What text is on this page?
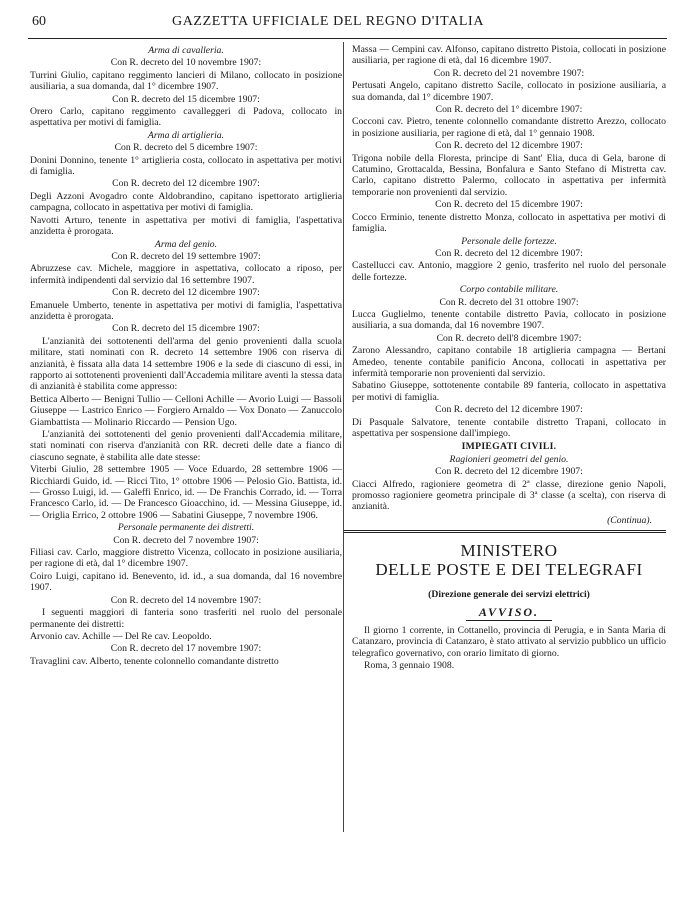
60	GAZZETTA UFFICIALE DEL REGNO D'ITALIA

Arma di cavalleria.

Con R. decreto del 10 novembre 1907:

Turrini Giulio, capitano reggimento lancieri di Milano, collocato in posizione ausiliaria, a sua domanda, dal 1° dicembre 1907.

Con R. decreto del 15 dicembre 1907:

Orero Carlo, capitano reggimento cavalleggeri di Padova, collocato in aspettativa per motivi di famiglia.

Arma di artiglieria.

Con R. decreto del 5 dicembre 1907:

Donini Donnino, tenente 1° artiglieria costa, collocato in aspettativa per motivi di famiglia.

Con R. decreto del 12 dicembre 1907:

Degli Azzoni Avogadro conte Aldobrandino, capitano ispettorato artiglieria campagna, collocato in aspettativa per motivi di famiglia.

Navotti Arturo, tenente in aspettativa per motivi di famiglia, l'aspettativa anzidetta è prorogata.

Arma del genio.

Con R. decreto del 19 settembre 1907:

Abruzzese cav. Michele, maggiore in aspettativa, collocato a riposo, per infermità indipendenti dal servizio dal 16 settembre 1907.

Con R. decreto del 12 dicembre 1907:

Emanuele Umberto, tenente in aspettativa per motivi di famiglia, l'aspettativa anzidetta è prorogata.

Con R. decreto del 15 dicembre 1907:

L'anzianità dei sottotenenti dell'arma del genio provenienti dalla scuola militare, stati nominati con R. decreto 14 settembre 1906 con riserva di anzianità, è fissata alla data 14 settembre 1906 e la sede di ciascuno di essi, in rapporto ai sottotenenti provenienti dall'Accademia militare aventi la stessa data di anzianità è stabilita come appresso:

Bettica Alberto — Benigni Tullio — Celloni Achille — Avorio Luigi — Bassoli Giuseppe — Lastrico Enrico — Forgiero Arnaldo — Vox Donato — Zanuccolo Giambattista — Molinario Riccardo — Pension Ugo.

L'anzianità dei sottotenenti del genio provenienti dall'Accademia militare, stati nominati con riserva d'anzianità con RR. decreti delle date a fianco di ciascuno segnate, è stabilita alle date stesse:

Viterbi Giulio, 28 settembre 1905 — Voce Eduardo, 28 settembre 1906 — Ricchiardi Guido, id. — Ricci Tito, 1° ottobre 1906 — Pelosio Gio. Battista, id. — Grosso Luigi, id. — Galeffi Enrico, id. — De Franchis Corrado, id. — Torra Francesco Carlo, id. — De Francesco Gioacchino, id. — Messina Giuseppe, id. — Origlia Errico, 2 ottobre 1906 — Sabatini Giuseppe, 7 novembre 1906.

Personale permanente dei distretti.

Con R. decreto del 7 novembre 1907:

Filiasi cav. Carlo, maggiore distretto Vicenza, collocato in posizione ausiliaria, per ragione di età, dal 1° dicembre 1907.

Coiro Luigi, capitano id. Benevento, id. id., a sua domanda, dal 16 novembre 1907.

Con R. decreto del 14 novembre 1907:

I seguenti maggiori di fanteria sono trasferiti nel ruolo del personale permanente dei distretti:

Arvonio cav. Achille — Del Re cav. Leopoldo.

Con R. decreto del 17 novembre 1907:

Travaglini cav. Alberto, tenente colonnello comandante distretto

Massa — Cempini cav. Alfonso, capitano distretto Pistoia, collocati in posizione ausiliaria, per ragione di età, dal 16 dicembre 1907.

Con R. decreto del 21 novembre 1907:

Pertusati Angelo, capitano distretto Sacile, collocato in posizione ausiliaria, a sua domanda, dal 1° dicembre 1907.

Con R. decreto del 1° dicembre 1907:

Cocconi cav. Pietro, tenente colonnello comandante distretto Arezzo, collocato in posizione ausiliaria, per ragione di età, dal 1° gennaio 1908.

Con R. decreto del 12 dicembre 1907:

Trigona nobile della Floresta, principe di Sant' Elia, duca di Gela, barone di Catumino, Grottacalda, Bessina, Bonfalura e Santo Stefano di Mistretta cav. Carlo, capitano distretto Palermo, collocato in aspettativa per infermità temporarie non provenienti dal servizio.

Con R. decreto del 15 dicembre 1907:

Cocco Erminio, tenente distretto Monza, collocato in aspettativa per motivi di famiglia.

Personale delle fortezze.

Con R. decreto del 12 dicembre 1907:

Castellucci cav. Antonio, maggiore 2 genio, trasferito nel ruolo del personale delle fortezze.

Corpo contabile militare.

Con R. decreto del 31 ottobre 1907:

Lucca Guglielmo, tenente contabile distretto Pavia, collocato in posizione ausiliaria, a sua domanda, dal 16 novembre 1907.

Con R. decreto dell'8 dicembre 1907:

Zarono Alessandro, capitano contabile 18 artiglieria campagna — Bertani Amedeo, tenente contabile panificio Ancona, collocati in aspettativa per infermità temporarie non provenienti dal servizio.

Sabatino Giuseppe, sottotenente contabile 89 fanteria, collocato in aspettativa per motivi di famiglia.

Con R. decreto del 12 dicembre 1907:

Di Pasquale Salvatore, tenente contabile distretto Trapani, collocato in aspettativa per sospensione dall'impiego.

IMPIEGATI CIVILI.

Ragionieri geometri del genio.

Con R. decreto del 12 dicembre 1907:

Ciacci Alfredo, ragioniere geometra di 2ª classe, direzione genio Napoli, promosso ragioniere geometra principale di 3ª classe (a scelta), con riserva di anzianità.

(Continua).

MINISTERO

DELLE POSTE E DEI TELEGRAFI

(Direzione generale dei servizi elettrici)

AVVISO.

Il giorno 1 corrente, in Cottanello, provincia di Perugia, e in Santa Maria di Catanzaro, provincia di Catanzaro, è stato attivato al servizio pubblico un ufficio telegrafico governativo, con orario limitato di giorno.

Roma, 3 gennaio 1908.
